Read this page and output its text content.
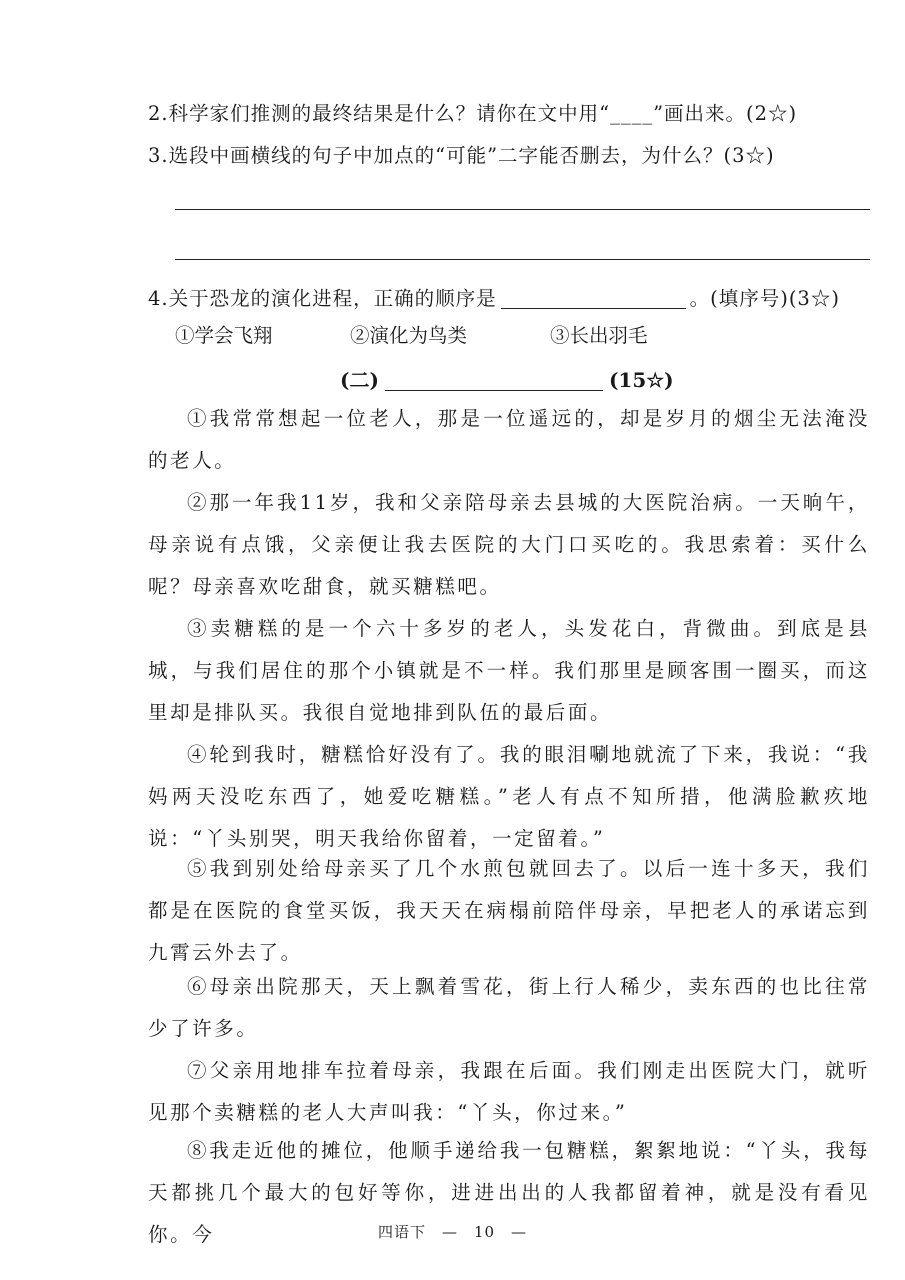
2.科学家们推测的最终结果是什么？请你在文中用“____”画出来。(2☆)
3.选段中画横线的句子中加点的“可能”二字能否删去，为什么？(3☆)
4.关于恐龙的演化进程，正确的顺序是	。(填序号)(3☆)
①学会飞翔	②演化为鸟类	③长出羽毛
(二)	(15☆)
①我常常想起一位老人，那是一位遥远的，却是岁月的烟尘无法淹没的老人。
②那一年我11岁，我和父亲陪母亲去县城的大医院治病。一天晌午，母亲说有点饿，父亲便让我去医院的大门口买吃的。我思索着：买什么呢？母亲喜欢吃甜食，就买糖糕吧。
③卖糖糕的是一个六十多岁的老人，头发花白，背微曲。到底是县城，与我们居住的那个小镇就是不一样。我们那里是顾客围一圈买，而这里却是排队买。我很自觉地排到队伍的最后面。
④轮到我时，糖糕恰好没有了。我的眼泪唰地就流了下来，我说：“我妈两天没吃东西了，她爱吃糖糕。”老人有点不知所措，他满脸歉疚地说：“丫头别哭，明天我给你留着，一定留着。”
⑤我到别处给母亲买了几个水煎包就回去了。以后一连十多天，我们都是在医院的食堂买饭，我天天在病榻前陪伴母亲，早把老人的承诺忘到九霄云外去了。
⑥母亲出院那天，天上飘着雪花，街上行人稀少，卖东西的也比往常少了许多。
⑦父亲用地排车拉着母亲，我跟在后面。我们刚走出医院大门，就听见那个卖糖糕的老人大声叫我：“丫头，你过来。”
⑧我走近他的摊位，他顺手递给我一包糖糕，絮絮地说：“丫头，我每天都挑几个最大的包好等你，进进出出的人我都留着神，就是没有看见你。今	四语下 — 10 —
